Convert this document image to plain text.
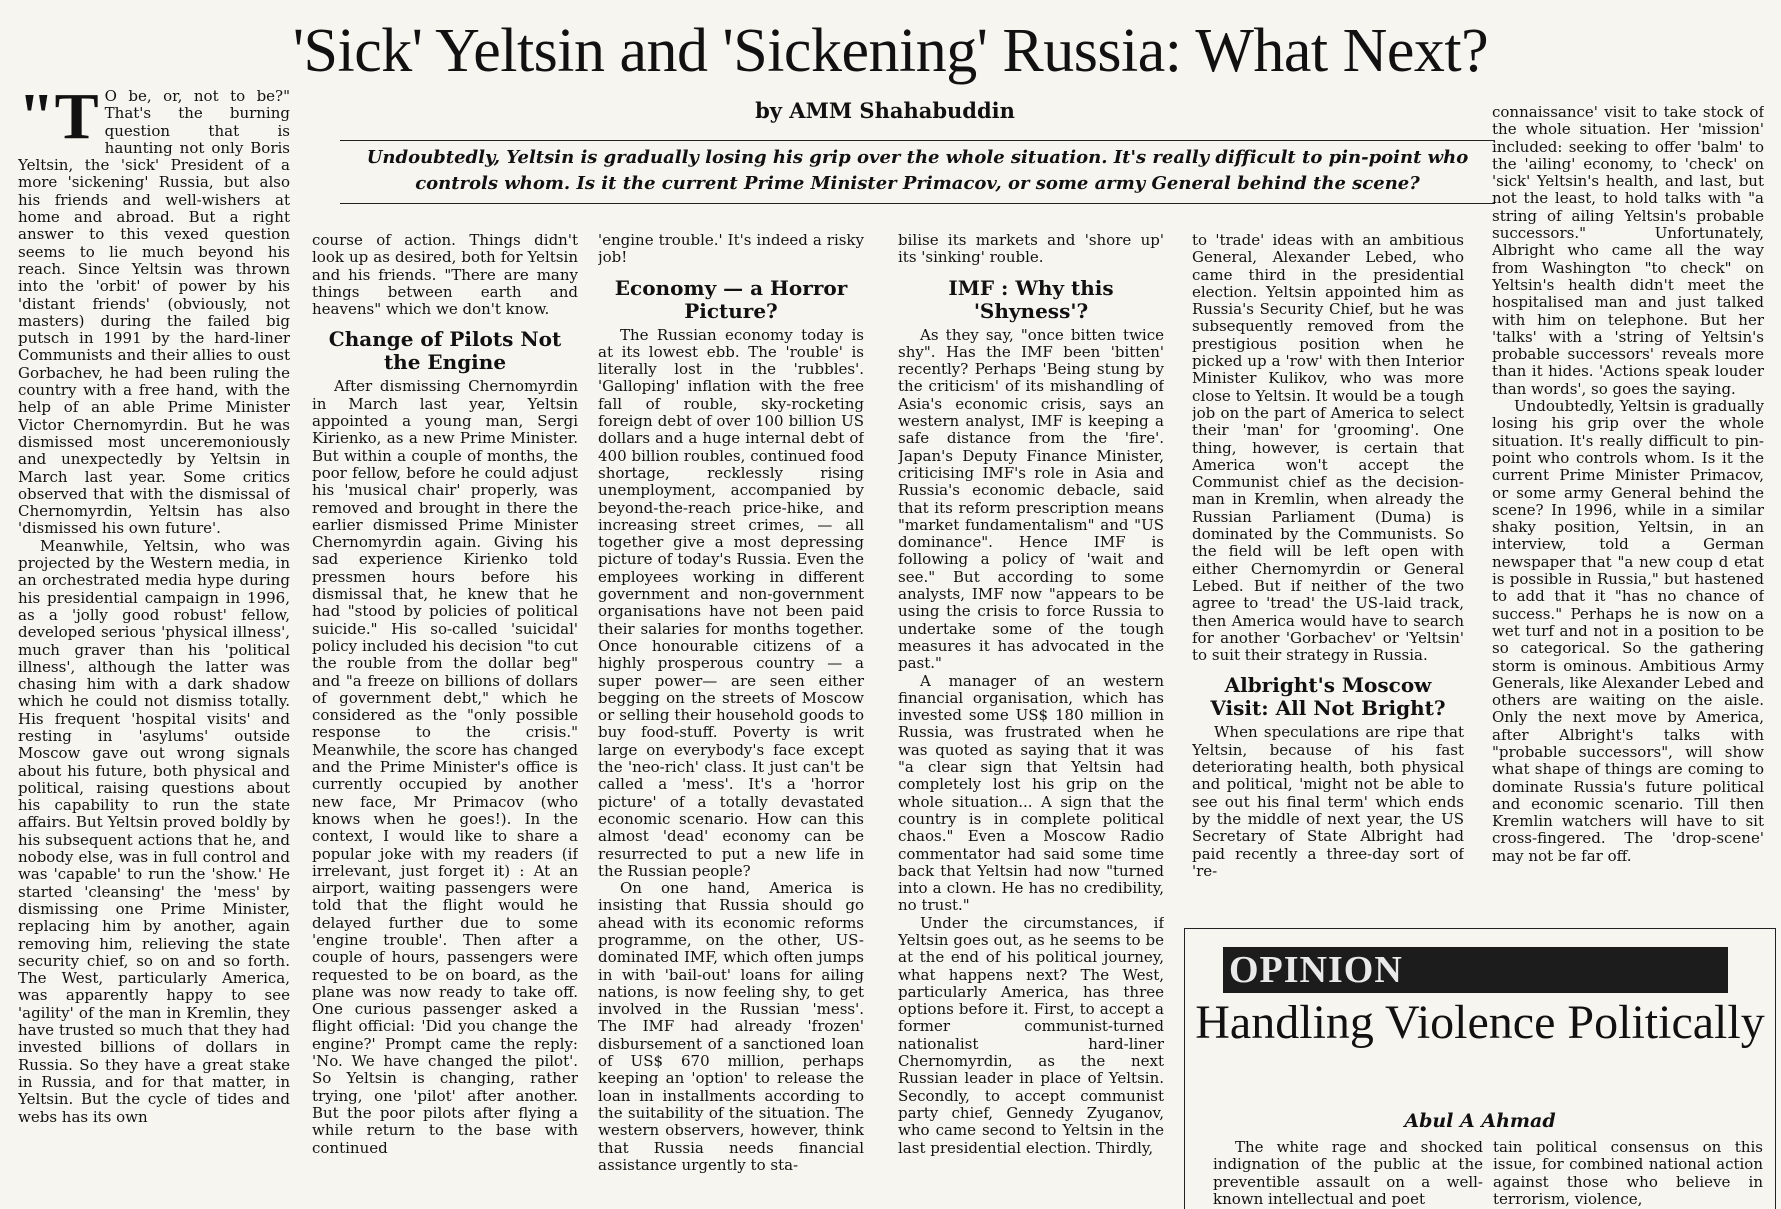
'Sick' Yeltsin and 'Sickening' Russia: What Next?
by AMM Shahabuddin
Undoubtedly, Yeltsin is gradually losing his grip over the whole situation. It's really difficult to pin-point who controls whom. Is it the current Prime Minister Primacov, or some army General behind the scene?

"T O be, or, not to be?" That's the burning question that is haunting not only Boris Yeltsin, the 'sick' President of a more 'sickening' Russia, but also his friends and well-wishers at home and abroad. But a right answer to this vexed question seems to lie much beyond his reach. Since Yeltsin was thrown into the 'orbit' of power by his 'distant friends' (obviously, not masters) during the failed big putsch in 1991 by the hard-liner Communists and their allies to oust Gorbachev, he had been ruling the country with a free hand, with the help of an able Prime Minister Victor Chernomyrdin. But he was dismissed most unceremoniously and unexpectedly by Yeltsin in March last year. Some critics observed that with the dismissal of Chernomyrdin, Yeltsin has also 'dismissed his own future'.

Meanwhile, Yeltsin, who was projected by the Western media, in an orchestrated media hype during his presidential campaign in 1996, as a 'jolly good robust' fellow, developed serious 'physical illness', much graver than his 'political illness', although the latter was chasing him with a dark shadow which he could not dismiss totally. His frequent 'hospital visits' and resting in 'asylums' outside Moscow gave out wrong signals about his future, both physical and political, raising questions about his capability to run the state affairs. But Yeltsin proved boldly by his subsequent actions that he, and nobody else, was in full control and was 'capable' to run the 'show.' He started 'cleansing' the 'mess' by dismissing one Prime Minister, replacing him by another, again removing him, relieving the state security chief, so on and so forth. The West, particularly America, was apparently happy to see 'agility' of the man in Kremlin, they have trusted so much that they had invested billions of dollars in Russia. So they have a great stake in Russia, and for that matter, in Yeltsin. But the cycle of tides and webs has its own

course of action. Things didn't look up as desired, both for Yeltsin and his friends. "There are many things between earth and heavens" which we don't know.

Change of Pilots Not the Engine

After dismissing Chernomyrdin in March last year, Yeltsin appointed a young man, Sergi Kirienko, as a new Prime Minister. But within a couple of months, the poor fellow, before he could adjust his 'musical chair' properly, was removed and brought in there the earlier dismissed Prime Minister Chernomyrdin again. Giving his sad experience Kirienko told pressmen hours before his dismissal that, he knew that he had "stood by policies of political suicide." His so-called 'suicidal' policy included his decision "to cut the rouble from the dollar beg" and "a freeze on billions of dollars of government debt," which he considered as the "only possible response to the crisis." Meanwhile, the score has changed and the Prime Minister's office is currently occupied by another new face, Mr Primacov (who knows when he goes!). In the context, I would like to share a popular joke with my readers (if irrelevant, just forget it) : At an airport, waiting passengers were told that the flight would he delayed further due to some 'engine trouble'. Then after a couple of hours, passengers were requested to be on board, as the plane was now ready to take off. One curious passenger asked a flight official: 'Did you change the engine?' Prompt came the reply: 'No. We have changed the pilot'. So Yeltsin is changing, rather trying, one 'pilot' after another. But the poor pilots after flying a while return to the base with continued

'engine trouble.' It's indeed a risky job!

Economy — a Horror Picture?

The Russian economy today is at its lowest ebb. The 'rouble' is literally lost in the 'rubbles'. 'Galloping' inflation with the free fall of rouble, sky-rocketing foreign debt of over 100 billion US dollars and a huge internal debt of 400 billion roubles, continued food shortage, recklessly rising unemployment, accompanied by beyond-the-reach price-hike, and increasing street crimes, — all together give a most depressing picture of today's Russia. Even the employees working in different government and non-government organisations have not been paid their salaries for months together. Once honourable citizens of a highly prosperous country — a super power— are seen either begging on the streets of Moscow or selling their household goods to buy food-stuff. Poverty is writ large on everybody's face except the 'neo-rich' class. It just can't be called a 'mess'. It's a 'horror picture' of a totally devastated economic scenario. How can this almost 'dead' economy can be resurrected to put a new life in the Russian people?

On one hand, America is insisting that Russia should go ahead with its economic reforms programme, on the other, US-dominated IMF, which often jumps in with 'bail-out' loans for ailing nations, is now feeling shy, to get involved in the Russian 'mess'. The IMF had already 'frozen' disbursement of a sanctioned loan of US$ 670 million, perhaps keeping an 'option' to release the loan in installments according to the suitability of the situation. The western observers, however, think that Russia needs financial assistance urgently to sta-

bilise its markets and 'shore up' its 'sinking' rouble.

IMF : Why this 'Shyness'?

As they say, "once bitten twice shy". Has the IMF been 'bitten' recently? Perhaps 'Being stung by the criticism' of its mishandling of Asia's economic crisis, says an western analyst, IMF is keeping a safe distance from the 'fire'. Japan's Deputy Finance Minister, criticising IMF's role in Asia and Russia's economic debacle, said that its reform prescription means "market fundamentalism" and "US dominance". Hence IMF is following a policy of 'wait and see." But according to some analysts, IMF now "appears to be using the crisis to force Russia to undertake some of the tough measures it has advocated in the past."

A manager of an western financial organisation, which has invested some US$ 180 million in Russia, was frustrated when he was quoted as saying that it was "a clear sign that Yeltsin had completely lost his grip on the whole situation... A sign that the country is in complete political chaos." Even a Moscow Radio commentator had said some time back that Yeltsin had now "turned into a clown. He has no credibility, no trust."

Under the circumstances, if Yeltsin goes out, as he seems to be at the end of his political journey, what happens next? The West, particularly America, has three options before it. First, to accept a former communist-turned nationalist hard-liner Chernomyrdin, as the next Russian leader in place of Yeltsin. Secondly, to accept communist party chief, Gennedy Zyuganov, who came second to Yeltsin in the last presidential election. Thirdly,

to 'trade' ideas with an ambitious General, Alexander Lebed, who came third in the presidential election. Yeltsin appointed him as Russia's Security Chief, but he was subsequently removed from the prestigious position when he picked up a 'row' with then Interior Minister Kulikov, who was more close to Yeltsin. It would be a tough job on the part of America to select their 'man' for 'grooming'. One thing, however, is certain that America won't accept the Communist chief as the decision-man in Kremlin, when already the Russian Parliament (Duma) is dominated by the Communists. So the field will be left open with either Chernomyrdin or General Lebed. But if neither of the two agree to 'tread' the US-laid track, then America would have to search for another 'Gorbachev' or 'Yeltsin' to suit their strategy in Russia.

Albright's Moscow Visit: All Not Bright?

When speculations are ripe that Yeltsin, because of his fast deteriorating health, both physical and political, 'might not be able to see out his final term' which ends by the middle of next year, the US Secretary of State Albright had paid recently a three-day sort of 're-

connaissance' visit to take stock of the whole situation. Her 'mission' included: seeking to offer 'balm' to the 'ailing' economy, to 'check' on 'sick' Yeltsin's health, and last, but not the least, to hold talks with "a string of ailing Yeltsin's probable successors." Unfortunately, Albright who came all the way from Washington "to check" on Yeltsin's health didn't meet the hospitalised man and just talked with him on telephone. But her 'talks' with a 'string of Yeltsin's probable successors' reveals more than it hides. 'Actions speak louder than words', so goes the saying.

Undoubtedly, Yeltsin is gradually losing his grip over the whole situation. It's really difficult to pin-point who controls whom. Is it the current Prime Minister Primacov, or some army General behind the scene? In 1996, while in a similar shaky position, Yeltsin, in an interview, told a German newspaper that "a new coup d etat is possible in Russia," but hastened to add that it "has no chance of success." Perhaps he is now on a wet turf and not in a position to be so categorical. So the gathering storm is ominous. Ambitious Army Generals, like Alexander Lebed and others are waiting on the aisle. Only the next move by America, after Albright's talks with "probable successors", will show what shape of things are coming to dominate Russia's future political and economic scenario. Till then Kremlin watchers will have to sit cross-fingered. The 'drop-scene' may not be far off.

OPINION
Handling Violence Politically
Abul A Ahmad

The white rage and shocked indignation of the public at the preventible assault on a well-known intellectual and poet

tain political consensus on this issue, for combined national action against those who believe in terrorism, violence,
